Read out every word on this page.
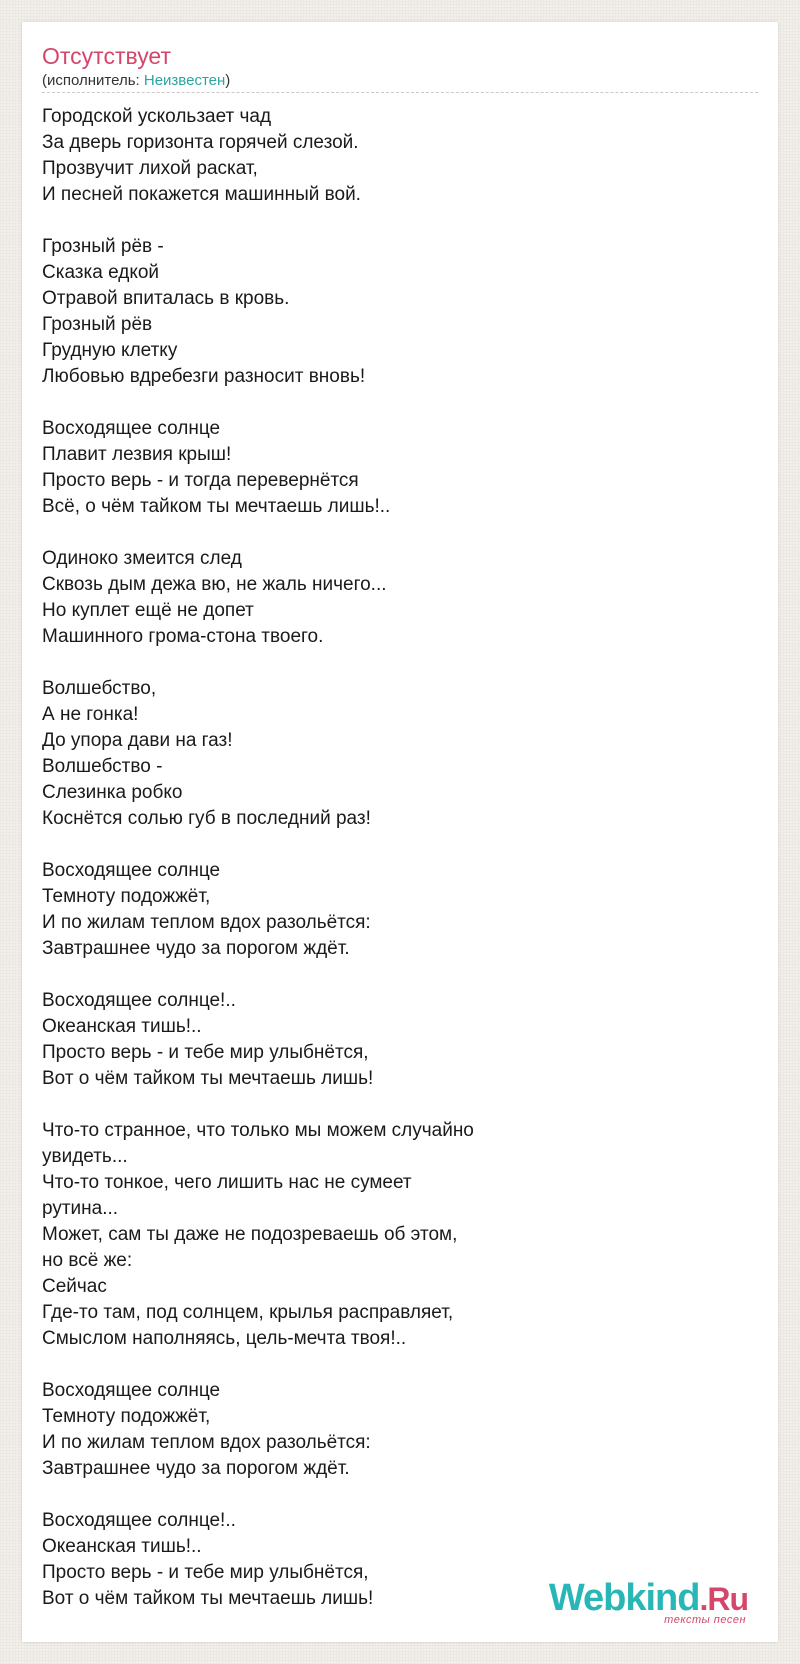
Отсутствует
(исполнитель: Неизвестен)
Городской ускользает чад
За дверь горизонта горячей слезой.
Прозвучит лихой раскат,
И песней покажется машинный вой.
Грозный рёв -
Сказка едкой
Отравой впиталась в кровь.
Грозный рёв
Грудную клетку
Любовью вдребезги разносит вновь!
Восходящее солнце
Плавит лезвия крыш!
Просто верь - и тогда перевернётся
Всё, о чём тайком ты мечтаешь лишь!..
Одиноко змеится след
Сквозь дым дежа вю, не жаль ничего...
Но куплет ещё не допет
Машинного грома-стона твоего.
Волшебство,
А не гонка!
До упора дави на газ!
Волшебство -
Слезинка робко
Коснётся солью губ в последний раз!
Восходящее солнце
Темноту подожжёт,
И по жилам теплом вдох разольётся:
Завтрашнее чудо за порогом ждёт.
Восходящее солнце!..
Океанская тишь!..
Просто верь - и тебе мир улыбнётся,
Вот о чём тайком ты мечтаешь лишь!
Что-то странное, что только мы можем случайно
увидеть...
Что-то тонкое, чего лишить нас не сумеет
рутина...
Может, сам ты даже не подозреваешь об этом,
но всё же:
Сейчас
Где-то там, под солнцем, крылья расправляет,
Смыслом наполняясь, цель-мечта твоя!..
Восходящее солнце
Темноту подожжёт,
И по жилам теплом вдох разольётся:
Завтрашнее чудо за порогом ждёт.
Восходящее солнце!..
Океанская тишь!..
Просто верь - и тебе мир улыбнётся,
Вот о чём тайком ты мечтаешь лишь!	Webkind.Ru
тексты песен
